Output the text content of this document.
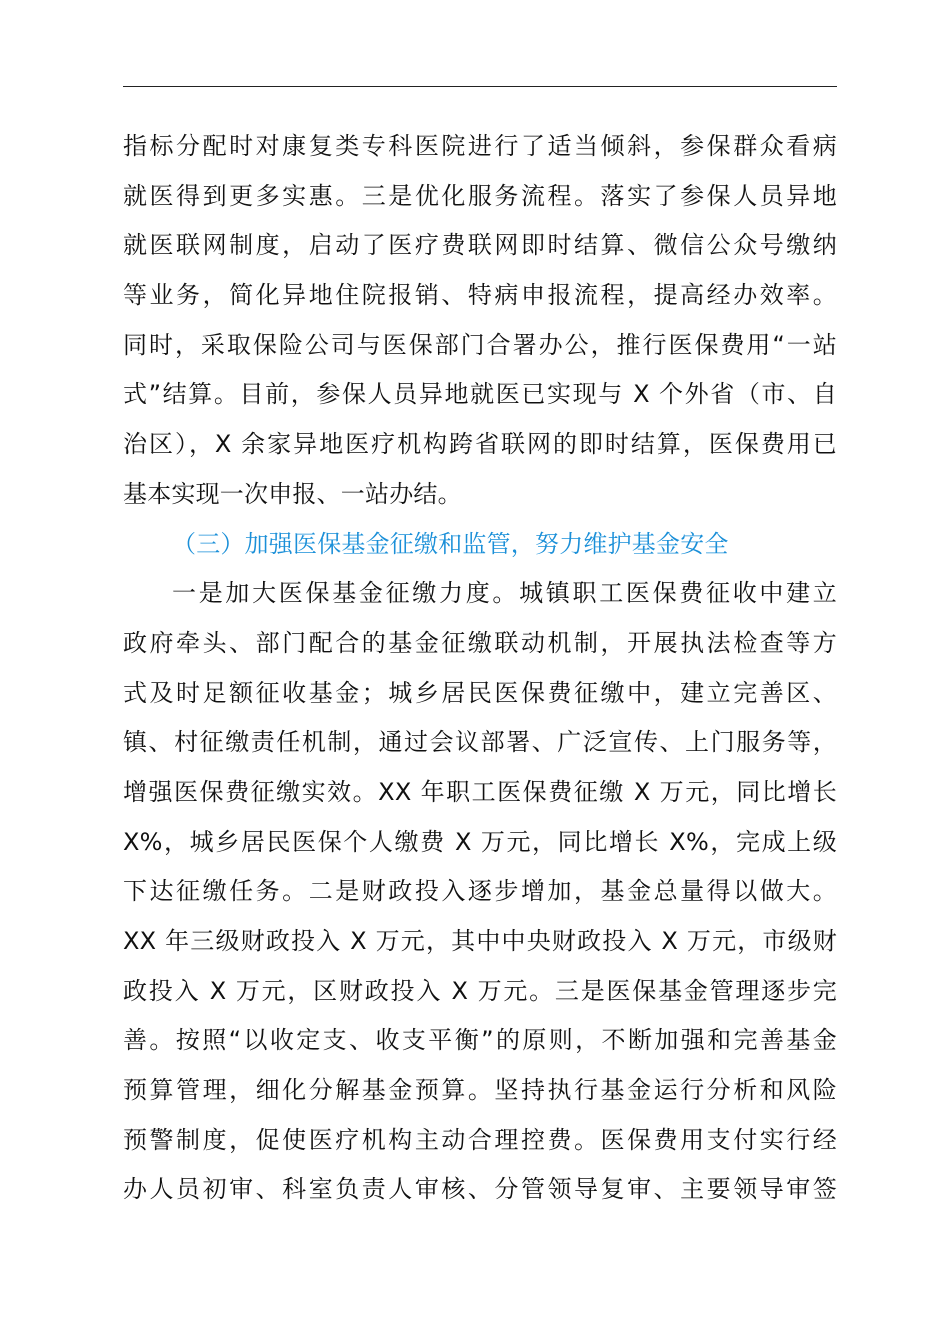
指标分配时对康复类专科医院进行了适当倾斜，参保群众看病
就医得到更多实惠。三是优化服务流程。落实了参保人员异地
就医联网制度，启动了医疗费联网即时结算、微信公众号缴纳
等业务，简化异地住院报销、特病申报流程，提高经办效率。
同时，采取保险公司与医保部门合署办公，推行医保费用“一站
式”结算。目前，参保人员异地就医已实现与 X 个外省（市、自
治区），X 余家异地医疗机构跨省联网的即时结算，医保费用已
基本实现一次申报、一站办结。
（三）加强医保基金征缴和监管，努力维护基金安全
一是加大医保基金征缴力度。城镇职工医保费征收中建立
政府牵头、部门配合的基金征缴联动机制，开展执法检查等方
式及时足额征收基金；城乡居民医保费征缴中，建立完善区、
镇、村征缴责任机制，通过会议部署、广泛宣传、上门服务等，
增强医保费征缴实效。XX 年职工医保费征缴 X 万元，同比增长
X%，城乡居民医保个人缴费 X 万元，同比增长 X%，完成上级
下达征缴任务。二是财政投入逐步增加，基金总量得以做大。
XX 年三级财政投入 X 万元，其中中央财政投入 X 万元，市级财
政投入 X 万元，区财政投入 X 万元。三是医保基金管理逐步完
善。按照“以收定支、收支平衡”的原则，不断加强和完善基金
预算管理，细化分解基金预算。坚持执行基金运行分析和风险
预警制度，促使医疗机构主动合理控费。医保费用支付实行经
办人员初审、科室负责人审核、分管领导复审、主要领导审签
